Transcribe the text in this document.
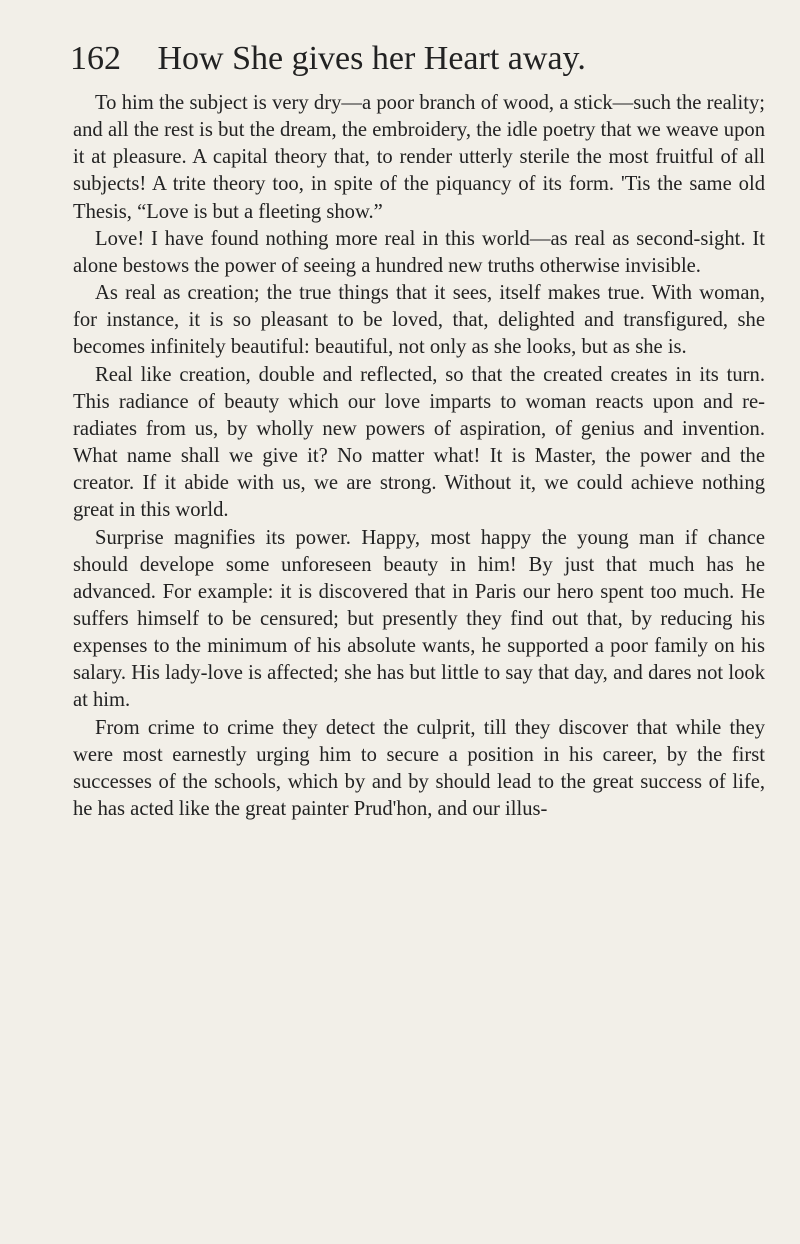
162 How She gives her Heart away.

To him the subject is very dry—a poor branch of wood, a stick—such the reality; and all the rest is but the dream, the embroidery, the idle poetry that we weave upon it at pleasure. A capital theory that, to render utterly sterile the most fruitful of all subjects! A trite theory too, in spite of the piquancy of its form. 'Tis the same old Thesis, “Love is but a fleeting show.”

Love! I have found nothing more real in this world—as real as second-sight. It alone bestows the power of seeing a hundred new truths otherwise invisible.

As real as creation; the true things that it sees, itself makes true. With woman, for instance, it is so pleasant to be loved, that, delighted and transfigured, she becomes infinitely beautiful: beautiful, not only as she looks, but as she is.

Real like creation, double and reflected, so that the created creates in its turn. This radiance of beauty which our love imparts to woman reacts upon and re-radiates from us, by wholly new powers of aspiration, of genius and invention. What name shall we give it? No matter what! It is Master, the power and the creator. If it abide with us, we are strong. Without it, we could achieve nothing great in this world.

Surprise magnifies its power. Happy, most happy the young man if chance should develope some unforeseen beauty in him! By just that much has he advanced. For example: it is discovered that in Paris our hero spent too much. He suffers himself to be censured; but presently they find out that, by reducing his expenses to the minimum of his absolute wants, he supported a poor family on his salary. His lady-love is affected; she has but little to say that day, and dares not look at him.

From crime to crime they detect the culprit, till they discover that while they were most earnestly urging him to secure a position in his career, by the first successes of the schools, which by and by should lead to the great success of life, he has acted like the great painter Prud'hon, and our illus-
